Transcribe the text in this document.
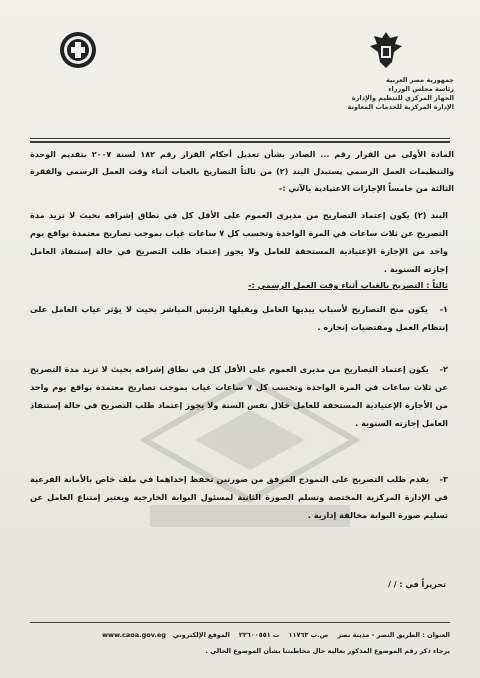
جمهورية مصر العربية
رئاسة مجلس الوزراء
الجهاز المركزي للتنظيم والإدارة
الإدارة المركزية للخدمات المعاونة
المادة الأولى من القرار رقم ... الصادر بشأن تعديل أحكام القرار رقم ١٨٢ لسنة ٢٠٠٧ بتقديم الوحدة والتنظيمات العمل الرسمي يستبدل البند (٢) من ثالثاً التصاريح بالغياب أثناء وقت العمل الرسمي والفقرة الثالثة من خامساً الإجازات الاعتيادية بالآتي :-
البند (٢) يكون إعتماد التصاريح من مديرى العموم على الأقل كل في نطاق إشرافه بحيث لا تزيد مدة التصريح عن ثلاث ساعات في المرة الواحدة وتحسب كل ٧ ساعات غياب بموجب تصاريح معتمدة بواقع يوم واحد من الإجازة الإعتيادية المستحقة للعامل ولا يجوز إعتماد طلب التصريح في حالة إستنفاذ العامل إجازته السنوية .
ثالثاً : التصريح بالغياب أثناء وقت العمل الرسمي :-
١- يكون منح التصاريح لأسباب يبديها العامل ويقبلها الرئيس المباشر بحيث لا يؤثر غياب العامل على إنتظام العمل ومقتضيات إنجازه .
٢- يكون إعتماد التصاريح من مديرى العموم على الأقل كل في نطاق إشرافه بحيث لا تزيد مدة التصريح عن ثلاث ساعات في المرة الواحدة وتحسب كل ٧ ساعات غياب بموجب تصاريح معتمدة بواقع يوم واحد من الأجازة الإعتيادية المستحقة للعامل خلال نفس السنة ولا يجوز إعتماد طلب التصريح في حالة إستنفاذ العامل إجازته السنوية .
٣- يقدم طلب التصريح على النموذج المرفق من صورتين تحفظ إحداهما في ملف خاص بالأمانة الفرعية في الإدارة المركزية المختصة وتسلم الصورة الثانية لمسئول البوابة الخارجية ويعتبر إمتناع العامل عن تسليم صورة البوابة مخالفة إدارية .
تحريراً في : / /
العنوان : الطريق النصر - مدينة نصر    ص.ب ١١٧٦٣    ت ٢٢٦٠٠٥٥١    الموقع الإلكتروني   www.caoa.gov.eg
يرجاء ذكر رقم الموضوع المذكور بعاليه حال مخاطبتنا بشأن الموضوع الحالي .
